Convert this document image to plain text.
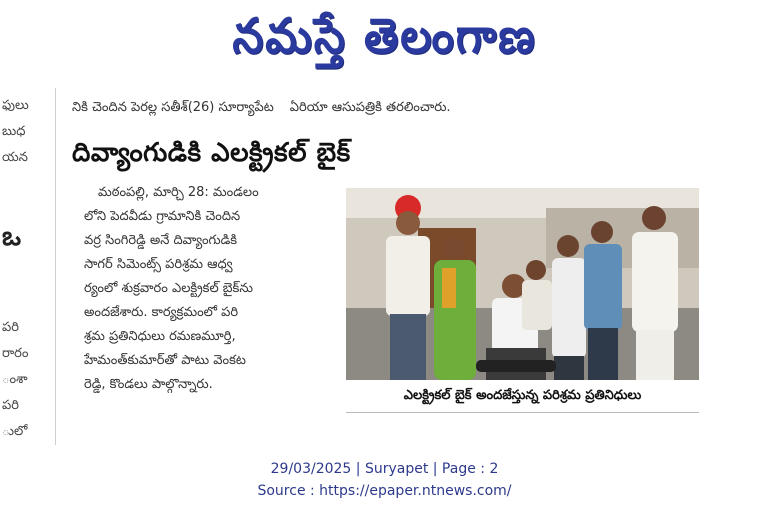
నమస్తే తెలంగాణ
ఫులు
బుధ
యన
ఒ
పరి
రారం
ంశా
పరి
ులో
నికి చెందిన పెరల్ల సతీశ్(26) సూర్యాపేట ఏరియా ఆసుపత్రికి తరలించారు.
దివ్యాంగుడికి ఎలక్ట్రికల్ బైక్

మఠంపల్లి, మార్చి 28: మండలం

లోని పెదవీడు గ్రామానికి చెందిన

వర్ర సింగిరెడ్డి అనే దివ్యాంగుడికి

సాగర్ సిమెంట్స్ పరిశ్రమ ఆధ్వ

ర్యంలో శుక్రవారం ఎలక్ట్రికల్ బైక్‌ను

అందజేశారు. కార్యక్రమంలో పరి

శ్రమ ప్రతినిధులు రమణమూర్తి,

హేమంత్‌కుమార్‌తో పాటు వెంకట

రెడ్డి, కొండలు పాల్గొన్నారు.

ఎలక్ట్రికల్ బైక్ అందజేస్తున్న పరిశ్రమ ప్రతినిధులు
29/03/2025 | Suryapet | Page : 2
Source : https://epaper.ntnews.com/
